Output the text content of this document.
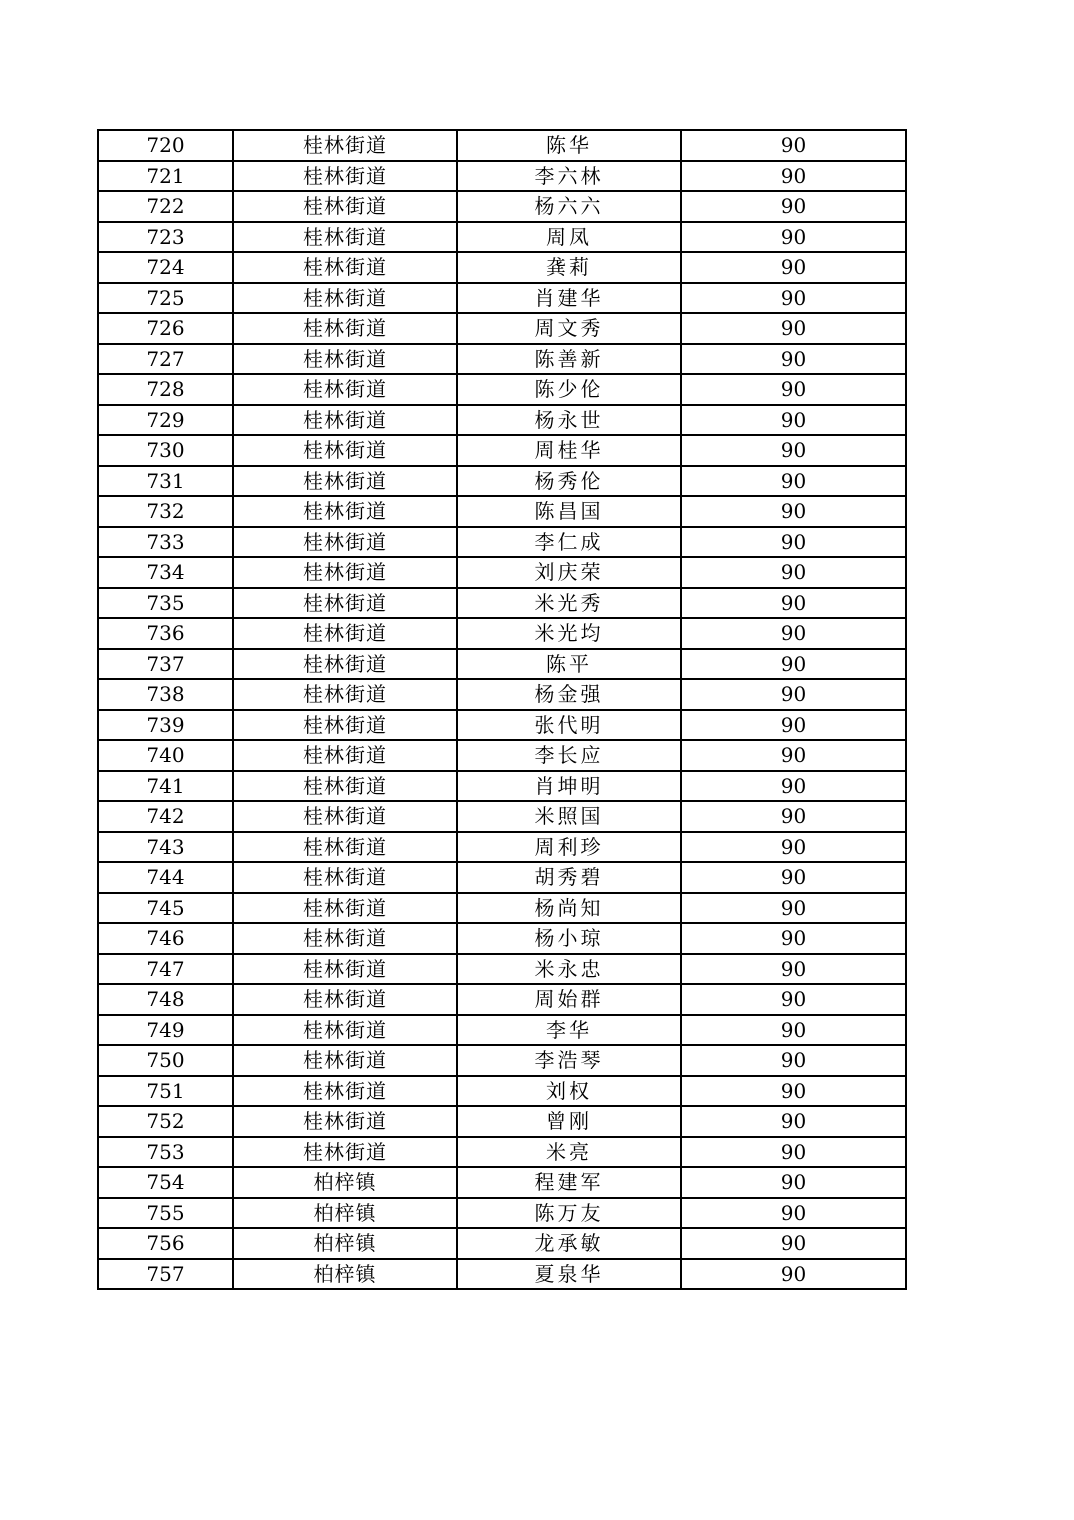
720	桂林街道	陈华	90
721	桂林街道	李六林	90
722	桂林街道	杨六六	90
723	桂林街道	周凤	90
724	桂林街道	龚莉	90
725	桂林街道	肖建华	90
726	桂林街道	周文秀	90
727	桂林街道	陈善新	90
728	桂林街道	陈少伦	90
729	桂林街道	杨永世	90
730	桂林街道	周桂华	90
731	桂林街道	杨秀伦	90
732	桂林街道	陈昌国	90
733	桂林街道	李仁成	90
734	桂林街道	刘庆荣	90
735	桂林街道	米光秀	90
736	桂林街道	米光均	90
737	桂林街道	陈平	90
738	桂林街道	杨金强	90
739	桂林街道	张代明	90
740	桂林街道	李长应	90
741	桂林街道	肖坤明	90
742	桂林街道	米照国	90
743	桂林街道	周利珍	90
744	桂林街道	胡秀碧	90
745	桂林街道	杨尚知	90
746	桂林街道	杨小琼	90
747	桂林街道	米永忠	90
748	桂林街道	周始群	90
749	桂林街道	李华	90
750	桂林街道	李浩琴	90
751	桂林街道	刘权	90
752	桂林街道	曾刚	90
753	桂林街道	米亮	90
754	柏梓镇	程建军	90
755	柏梓镇	陈万友	90
756	柏梓镇	龙承敏	90
757	柏梓镇	夏泉华	90
